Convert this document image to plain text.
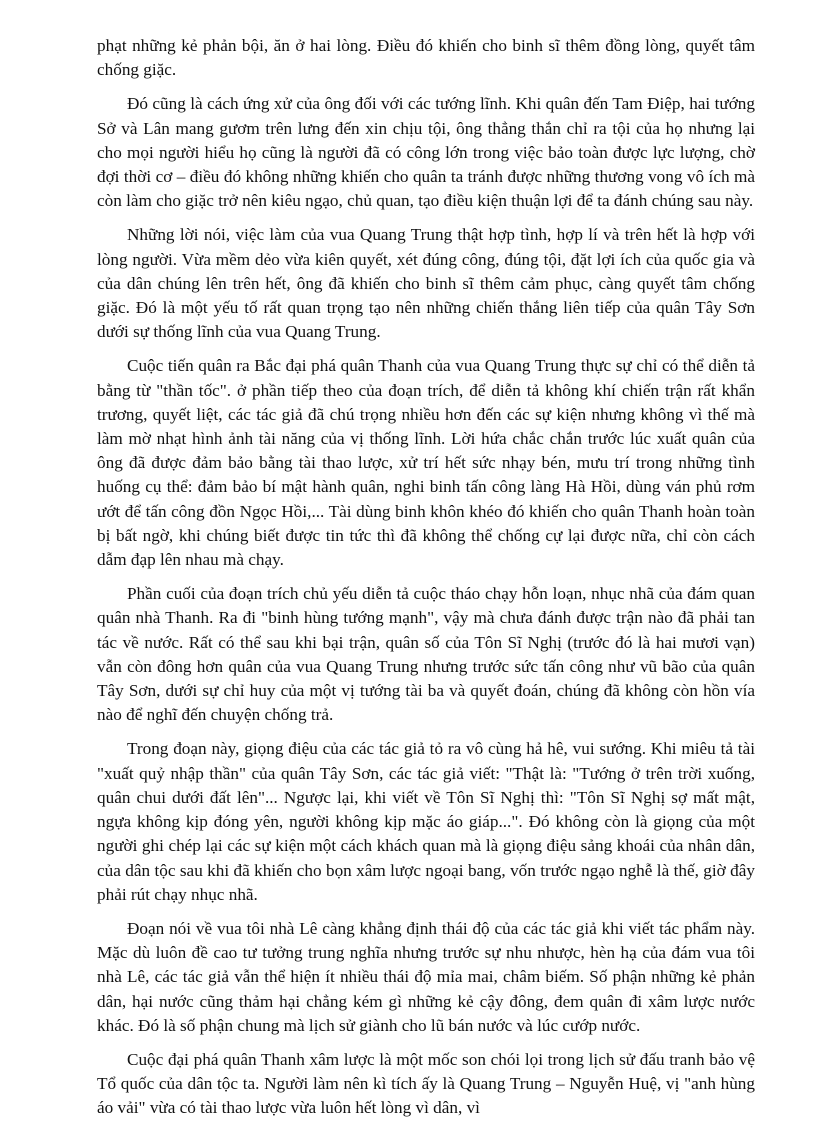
phạt những kẻ phản bội, ăn ở hai lòng. Điều đó khiến cho binh sĩ thêm đồng lòng, quyết tâm chống giặc.

Đó cũng là cách ứng xử của ông đối với các tướng lĩnh. Khi quân đến Tam Điệp, hai tướng Sở và Lân mang gươm trên lưng đến xin chịu tội, ông thẳng thắn chỉ ra tội của họ nhưng lại cho mọi người hiểu họ cũng là người đã có công lớn trong việc bảo toàn được lực lượng, chờ đợi thời cơ – điều đó không những khiến cho quân ta tránh được những thương vong vô ích mà còn làm cho giặc trở nên kiêu ngạo, chủ quan, tạo điều kiện thuận lợi để ta đánh chúng sau này.

Những lời nói, việc làm của vua Quang Trung thật hợp tình, hợp lí và trên hết là hợp với lòng người. Vừa mềm dẻo vừa kiên quyết, xét đúng công, đúng tội, đặt lợi ích của quốc gia và của dân chúng lên trên hết, ông đã khiến cho binh sĩ thêm cảm phục, càng quyết tâm chống giặc. Đó là một yếu tố rất quan trọng tạo nên những chiến thắng liên tiếp của quân Tây Sơn dưới sự thống lĩnh của vua Quang Trung.

Cuộc tiến quân ra Bắc đại phá quân Thanh của vua Quang Trung thực sự chỉ có thể diễn tả bằng từ "thần tốc". ở phần tiếp theo của đoạn trích, để diễn tả không khí chiến trận rất khẩn trương, quyết liệt, các tác giả đã chú trọng nhiều hơn đến các sự kiện nhưng không vì thế mà làm mờ nhạt hình ảnh tài năng của vị thống lĩnh. Lời hứa chắc chắn trước lúc xuất quân của ông đã được đảm bảo bằng tài thao lược, xử trí hết sức nhạy bén, mưu trí trong những tình huống cụ thể: đảm bảo bí mật hành quân, nghi binh tấn công làng Hà Hồi, dùng ván phủ rơm ướt để tấn công đồn Ngọc Hồi,... Tài dùng binh khôn khéo đó khiến cho quân Thanh hoàn toàn bị bất ngờ, khi chúng biết được tin tức thì đã không thể chống cự lại được nữa, chỉ còn cách dẫm đạp lên nhau mà chạy.

Phần cuối của đoạn trích chủ yếu diễn tả cuộc tháo chạy hỗn loạn, nhục nhã của đám quan quân nhà Thanh. Ra đi "binh hùng tướng mạnh", vậy mà chưa đánh được trận nào đã phải tan tác về nước. Rất có thể sau khi bại trận, quân số của Tôn Sĩ Nghị (trước đó là hai mươi vạn) vẫn còn đông hơn quân của vua Quang Trung nhưng trước sức tấn công như vũ bão của quân Tây Sơn, dưới sự chỉ huy của một vị tướng tài ba và quyết đoán, chúng đã không còn hồn vía nào để nghĩ đến chuyện chống trả.

Trong đoạn này, giọng điệu của các tác giả tỏ ra vô cùng hả hê, vui sướng. Khi miêu tả tài "xuất quỷ nhập thần" của quân Tây Sơn, các tác giả viết: "Thật là: "Tướng ở trên trời xuống, quân chui dưới đất lên"... Ngược lại, khi viết về Tôn Sĩ Nghị thì: "Tôn Sĩ Nghị sợ mất mật, ngựa không kịp đóng yên, người không kịp mặc áo giáp...". Đó không còn là giọng của một người ghi chép lại các sự kiện một cách khách quan mà là giọng điệu sảng khoái của nhân dân, của dân tộc sau khi đã khiến cho bọn xâm lược ngoại bang, vốn trước ngạo nghễ là thế, giờ đây phải rút chạy nhục nhã.

Đoạn nói về vua tôi nhà Lê càng khẳng định thái độ của các tác giả khi viết tác phẩm này. Mặc dù luôn đề cao tư tưởng trung nghĩa nhưng trước sự nhu nhược, hèn hạ của đám vua tôi nhà Lê, các tác giả vẫn thể hiện ít nhiều thái độ mỉa mai, châm biếm. Số phận những kẻ phản dân, hại nước cũng thảm hại chẳng kém gì những kẻ cậy đông, đem quân đi xâm lược nước khác. Đó là số phận chung mà lịch sử giành cho lũ bán nước và lúc cướp nước.

Cuộc đại phá quân Thanh xâm lược là một mốc son chói lọi trong lịch sử đấu tranh bảo vệ Tổ quốc của dân tộc ta. Người làm nên kì tích ấy là Quang Trung – Nguyễn Huệ, vị "anh hùng áo vải" vừa có tài thao lược vừa luôn hết lòng vì dân, vì
